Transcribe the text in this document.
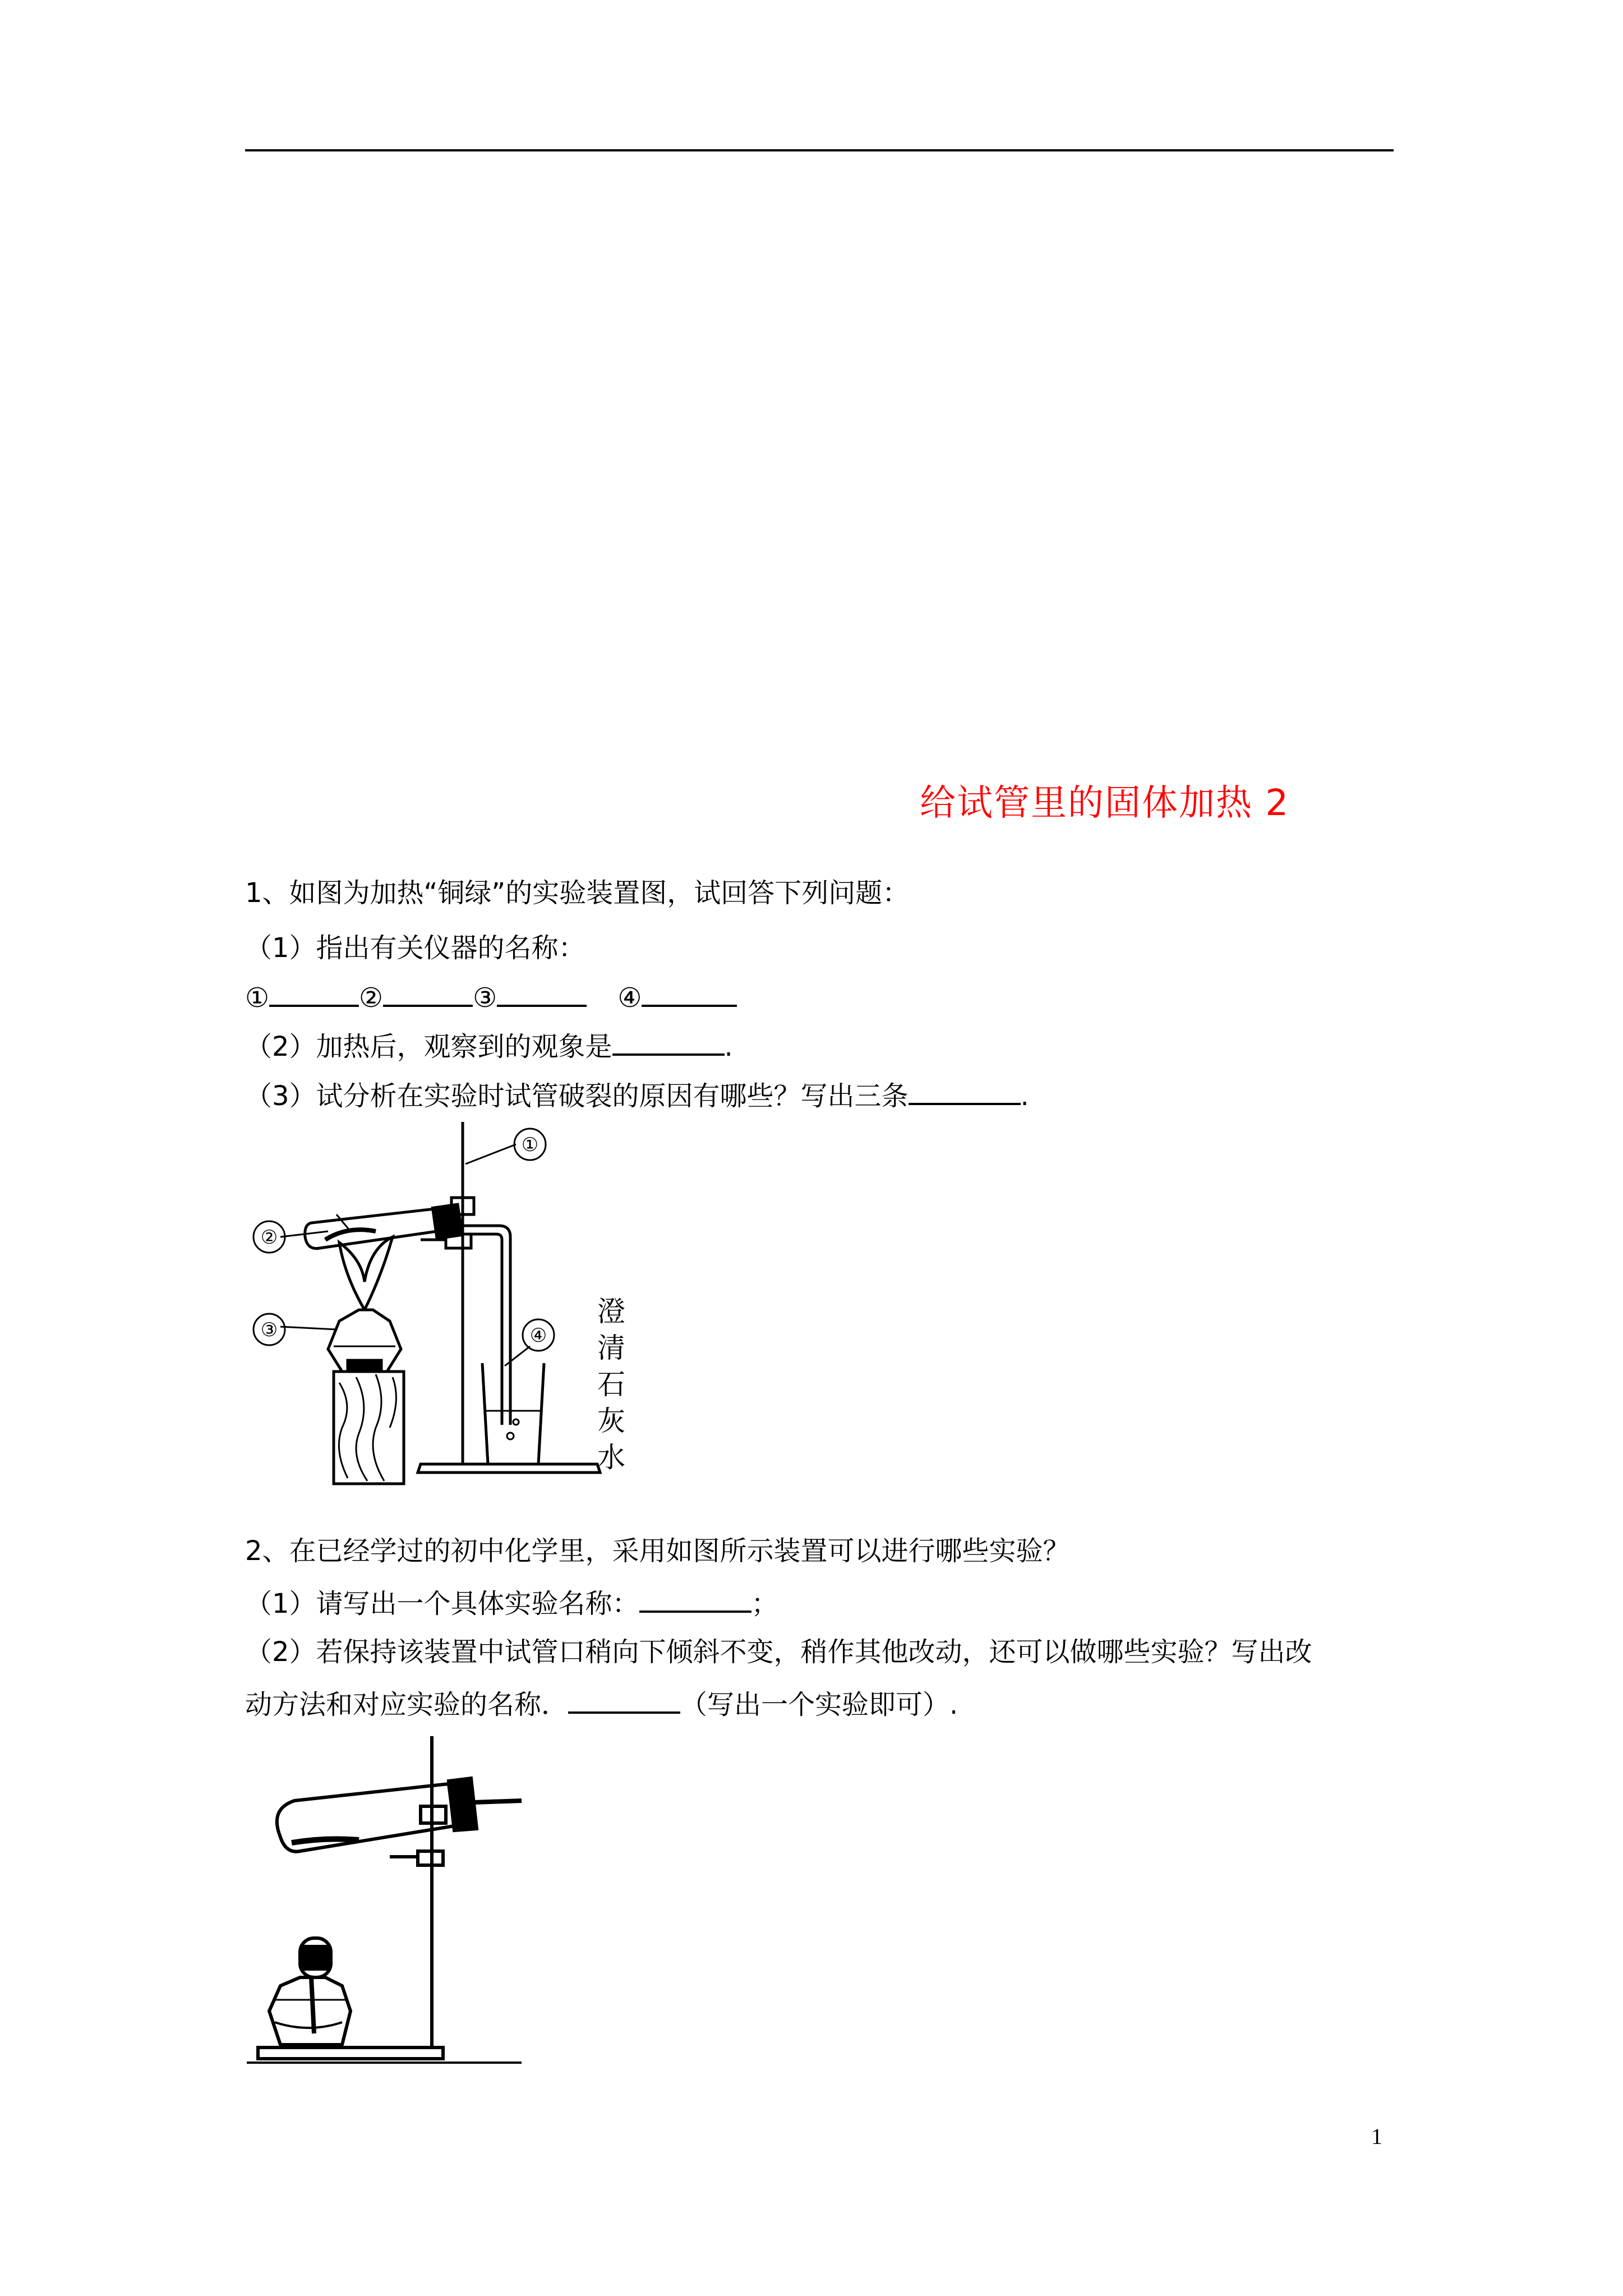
给试管里的固体加热 2
1、如图为加热“铜绿”的实验装置图，试回答下列问题：
（1）指出有关仪器的名称：
①	②	③	④
（2）加热后，观察到的观象是	.
（3）试分析在实验时试管破裂的原因有哪些？写出三条	.
①
②
③	④
澄
清
石
灰
水
2、在已经学过的初中化学里，采用如图所示装置可以进行哪些实验？
（1）请写出一个具体实验名称：	；
（2）若保持该装置中试管口稍向下倾斜不变，稍作其他改动，还可以做哪些实验？写出改
动方法和对应实验的名称．	（写出一个实验即可）.
1
